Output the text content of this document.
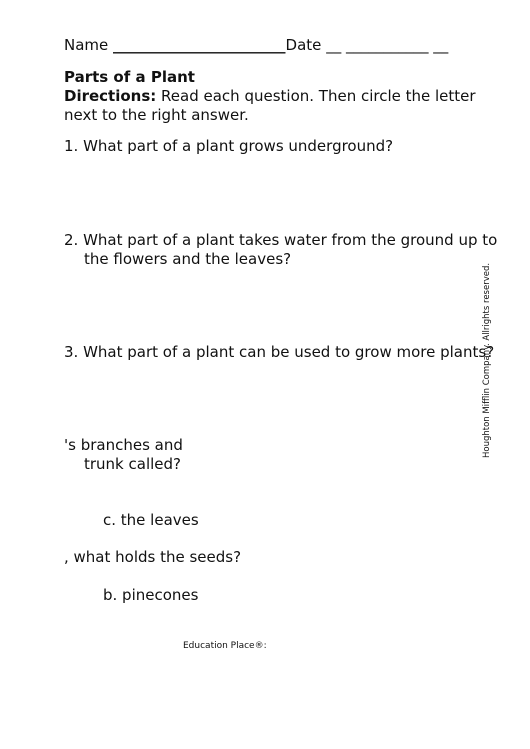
Name _______________________Date __ ___________ __
Parts of a Plant
Directions: Read each question. Then circle the letter next to the right answer.
1. What part of a plant grows underground?
2. What part of a plant takes water from the ground up to
the flowers and the leaves?
3. What part of a plant can be used to grow more plants?
's branches and
trunk called?
c. the leaves
, what holds the seeds?
b. pinecones
Houghton Mifflin Company. Allrights reserved.
Education Place®:
